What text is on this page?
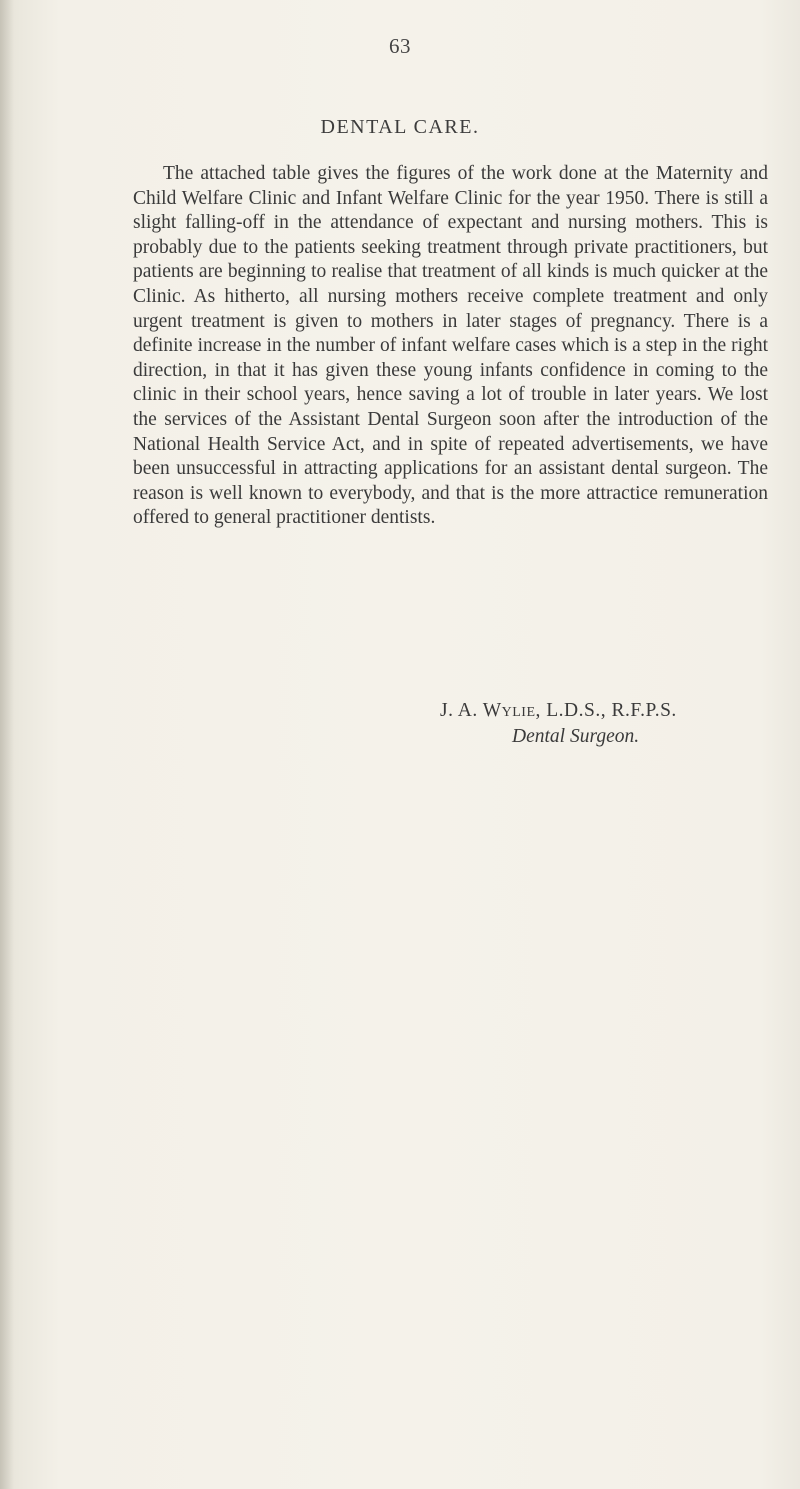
63
DENTAL CARE.

The attached table gives the figures of the work done at the Maternity and Child Welfare Clinic and Infant Welfare Clinic for the year 1950. There is still a slight falling-off in the attendance of expectant and nursing mothers. This is probably due to the patients seeking treatment through private practitioners, but patients are beginning to realise that treatment of all kinds is much quicker at the Clinic. As hitherto, all nursing mothers receive complete treatment and only urgent treatment is given to mothers in later stages of pregnancy. There is a definite increase in the number of infant welfare cases which is a step in the right direction, in that it has given these young infants confidence in coming to the clinic in their school years, hence saving a lot of trouble in later years. We lost the services of the Assistant Dental Surgeon soon after the introduction of the National Health Service Act, and in spite of repeated advertisements, we have been unsuccessful in attracting applications for an assistant dental surgeon. The reason is well known to everybody, and that is the more attractice remuneration offered to general practitioner dentists.

J. A. Wylie, L.D.S., R.F.P.S.
Dental Surgeon.
